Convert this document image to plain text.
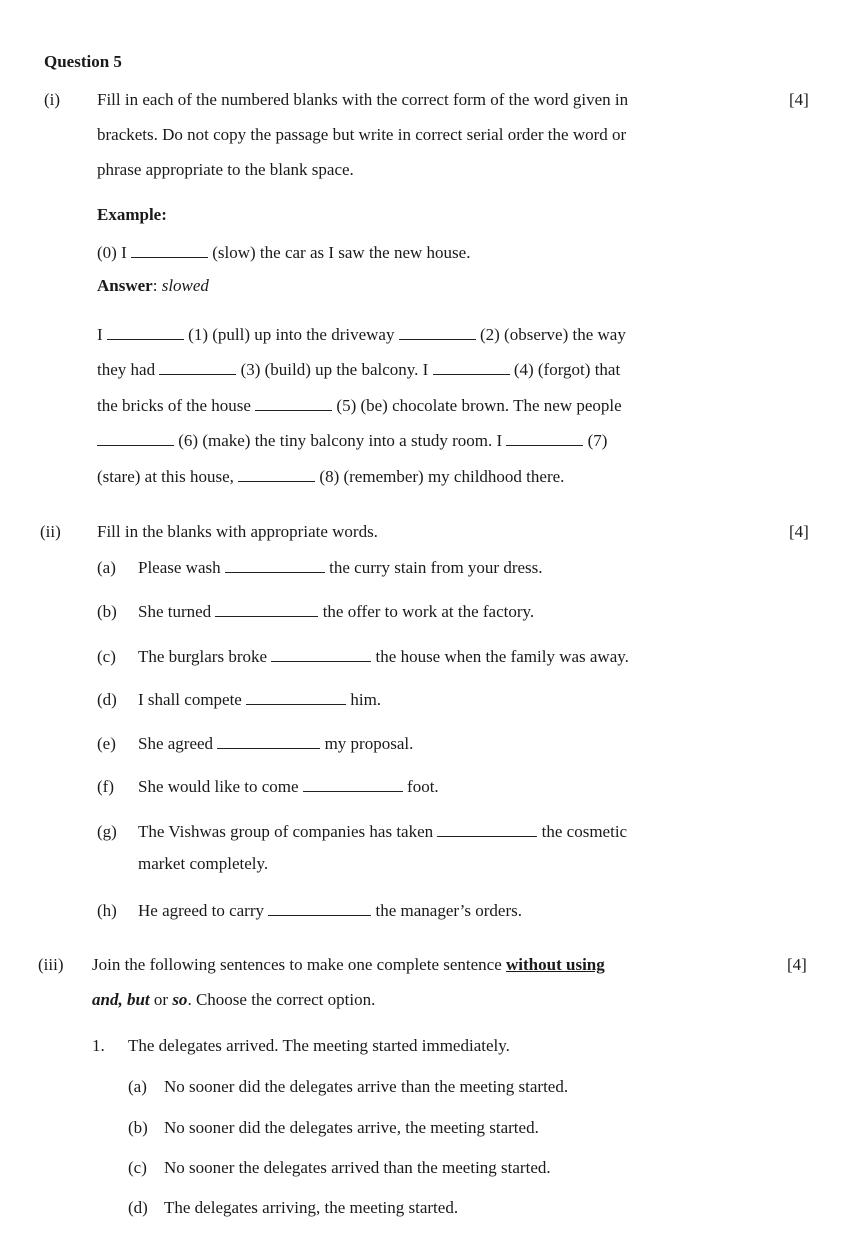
Question 5
(i)	[4]
Fill in each of the numbered blanks with the correct form of the word given in
brackets. Do not copy the passage but write in correct serial order the word or
phrase appropriate to the blank space.
Example:
(0) I	(slow) the car as I saw the new house.
Answer: slowed
I	(1) (pull) up into the driveway	(2) (observe) the way
they had	(3) (build) up the balcony. I	(4) (forgot) that
the bricks of the house	(5) (be) chocolate brown. The new people
(6) (make) the tiny balcony into a study room. I	(7)
(stare) at this house,	(8) (remember) my childhood there.
(ii) Fill in the blanks with appropriate words.	[4]
(a) Please wash	the curry stain from your dress.
(b) She turned	the offer to work at the factory.
(c) The burglars broke	the house when the family was away.
(d) I shall compete	him.
(e) She agreed	my proposal.
(f) She would like to come	foot.
(g) The Vishwas group of companies has taken	the cosmetic
market completely.
(h) He agreed to carry	the manager’s orders.
(iii) Join the following sentences to make one complete sentence without using	[4]
and, but or so. Choose the correct option.
1. The delegates arrived. The meeting started immediately.
(a) No sooner did the delegates arrive than the meeting started.
(b) No sooner did the delegates arrive, the meeting started.
(c) No sooner the delegates arrived than the meeting started.
(d) The delegates arriving, the meeting started.
